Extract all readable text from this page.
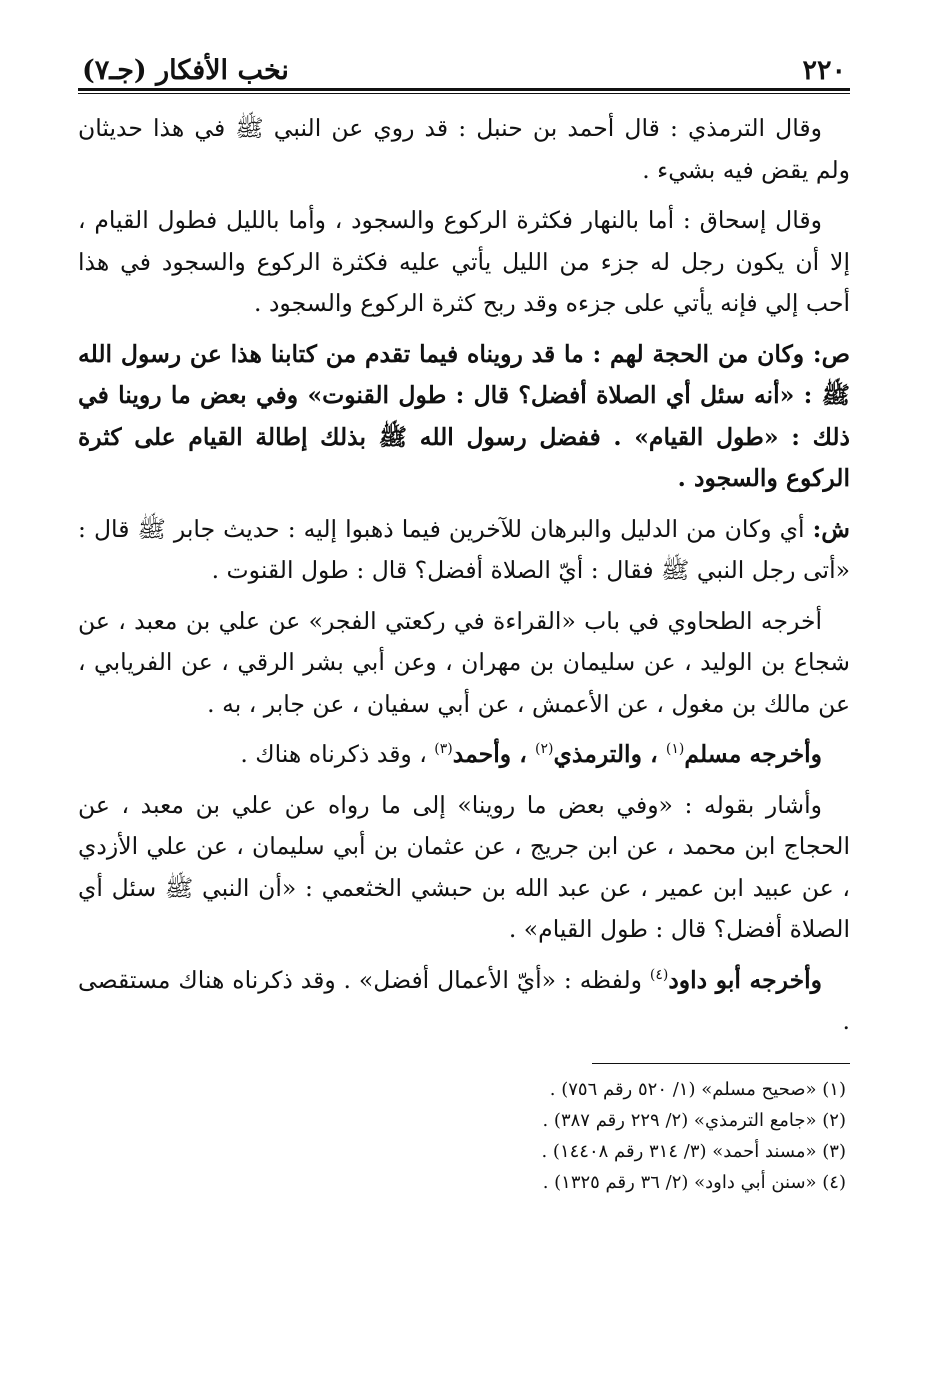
٢٢٠
نخب الأفكار (جـ٧)

وقال الترمذي : قال أحمد بن حنبل : قد روي عن النبي ﷺ في هذا حديثان ولم يقض فيه بشيء .

وقال إسحاق : أما بالنهار فكثرة الركوع والسجود ، وأما بالليل فطول القيام ، إلا أن يكون رجل له جزء من الليل يأتي عليه فكثرة الركوع والسجود في هذا أحب إلي فإنه يأتي على جزءه وقد ربح كثرة الركوع والسجود .

ص: وكان من الحجة لهم : ما قد رويناه فيما تقدم من كتابنا هذا عن رسول الله ﷺ : «أنه سئل أي الصلاة أفضل؟ قال : طول القنوت» وفي بعض ما روينا في ذلك : «طول القيام» . ففضل رسول الله ﷺ بذلك إطالة القيام على كثرة الركوع والسجود .

ش: أي وكان من الدليل والبرهان للآخرين فيما ذهبوا إليه : حديث جابر ﷺ قال : «أتى رجل النبي ﷺ فقال : أيّ الصلاة أفضل؟ قال : طول القنوت .

أخرجه الطحاوي في باب «القراءة في ركعتي الفجر» عن علي بن معبد ، عن شجاع بن الوليد ، عن سليمان بن مهران ، وعن أبي بشر الرقي ، عن الفريابي ، عن مالك بن مغول ، عن الأعمش ، عن أبي سفيان ، عن جابر ، به .

وأخرجه مسلم$^{(١)}$ ، والترمذي$^{(٢)}$ ، وأحمد$^{(٣)}$ ، وقد ذكرناه هناك .

وأشار بقوله : «وفي بعض ما روينا» إلى ما رواه عن علي بن معبد ، عن الحجاج ابن محمد ، عن ابن جريج ، عن عثمان بن أبي سليمان ، عن علي الأزدي ، عن عبيد ابن عمير ، عن عبد الله بن حبشي الخثعمي : «أن النبي ﷺ سئل أي الصلاة أفضل؟ قال : طول القيام» .

وأخرجه أبو داود$^{(٤)}$ ولفظه : «أيّ الأعمال أفضل» . وقد ذكرناه هناك مستقصى .

(١) «صحيح مسلم» (١/ ٥٢٠ رقم ٧٥٦) .

(٢) «جامع الترمذي» (٢/ ٢٢٩ رقم ٣٨٧) .

(٣) «مسند أحمد» (٣/ ٣١٤ رقم ١٤٤٠٨) .

(٤) «سنن أبي داود» (٢/ ٣٦ رقم ١٣٢٥) .
